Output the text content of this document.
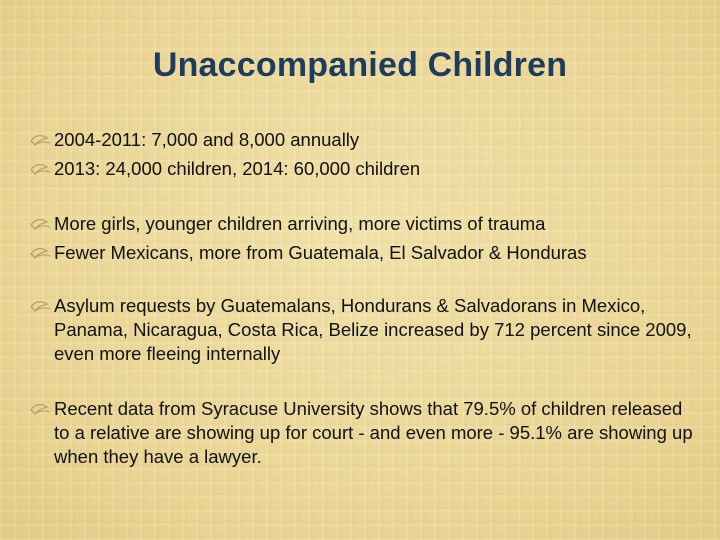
Unaccompanied Children
2004-2011: 7,000 and 8,000 annually
2013: 24,000 children, 2014: 60,000 children
More girls, younger children arriving, more victims of trauma
Fewer Mexicans, more from Guatemala, El Salvador & Honduras
Asylum requests by Guatemalans, Hondurans & Salvadorans in Mexico, Panama, Nicaragua, Costa Rica, Belize increased by 712 percent since 2009, even more fleeing internally
Recent data from Syracuse University shows that 79.5% of children released to a relative are showing up for court - and even more - 95.1% are showing up when they have a lawyer.
